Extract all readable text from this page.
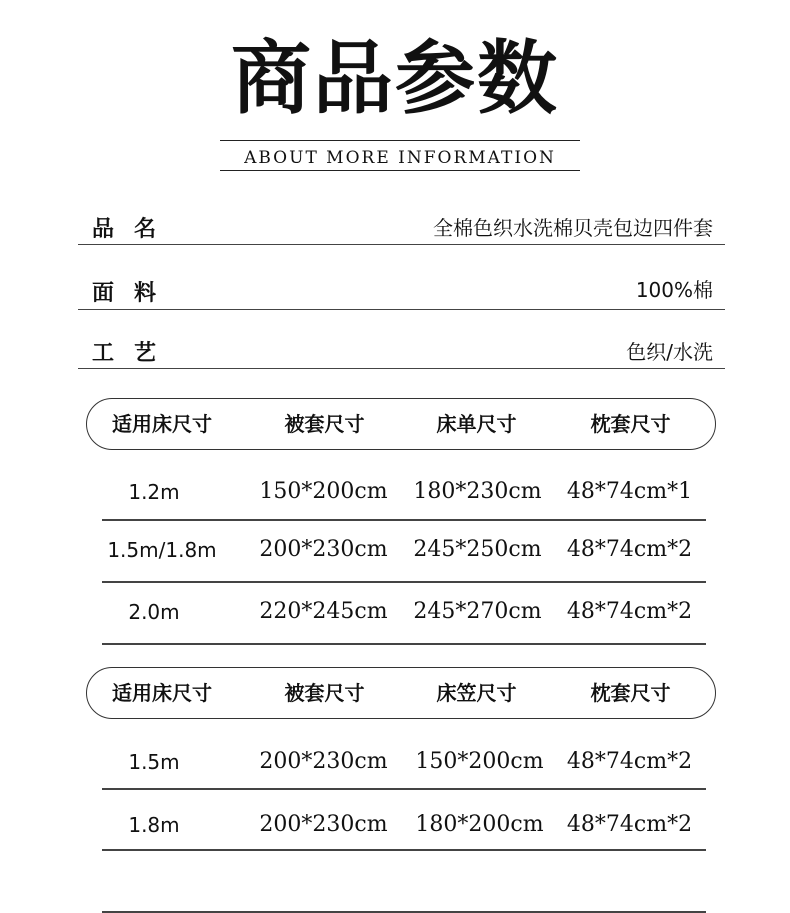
商品参数
ABOUT MORE INFORMATION
品名	全棉色织水洗棉贝壳包边四件套
面料	100%棉
工艺	色织/水洗
适用床尺寸	被套尺寸	床单尺寸	枕套尺寸
1.2m	150*200cm	180*230cm	48*74cm*1
1.5m/1.8m	200*230cm	245*250cm	48*74cm*2
2.0m	220*245cm	245*270cm	48*74cm*2
适用床尺寸	被套尺寸	床笠尺寸	枕套尺寸
1.5m	200*230cm	150*200cm	48*74cm*2
1.8m	200*230cm	180*200cm	48*74cm*2
